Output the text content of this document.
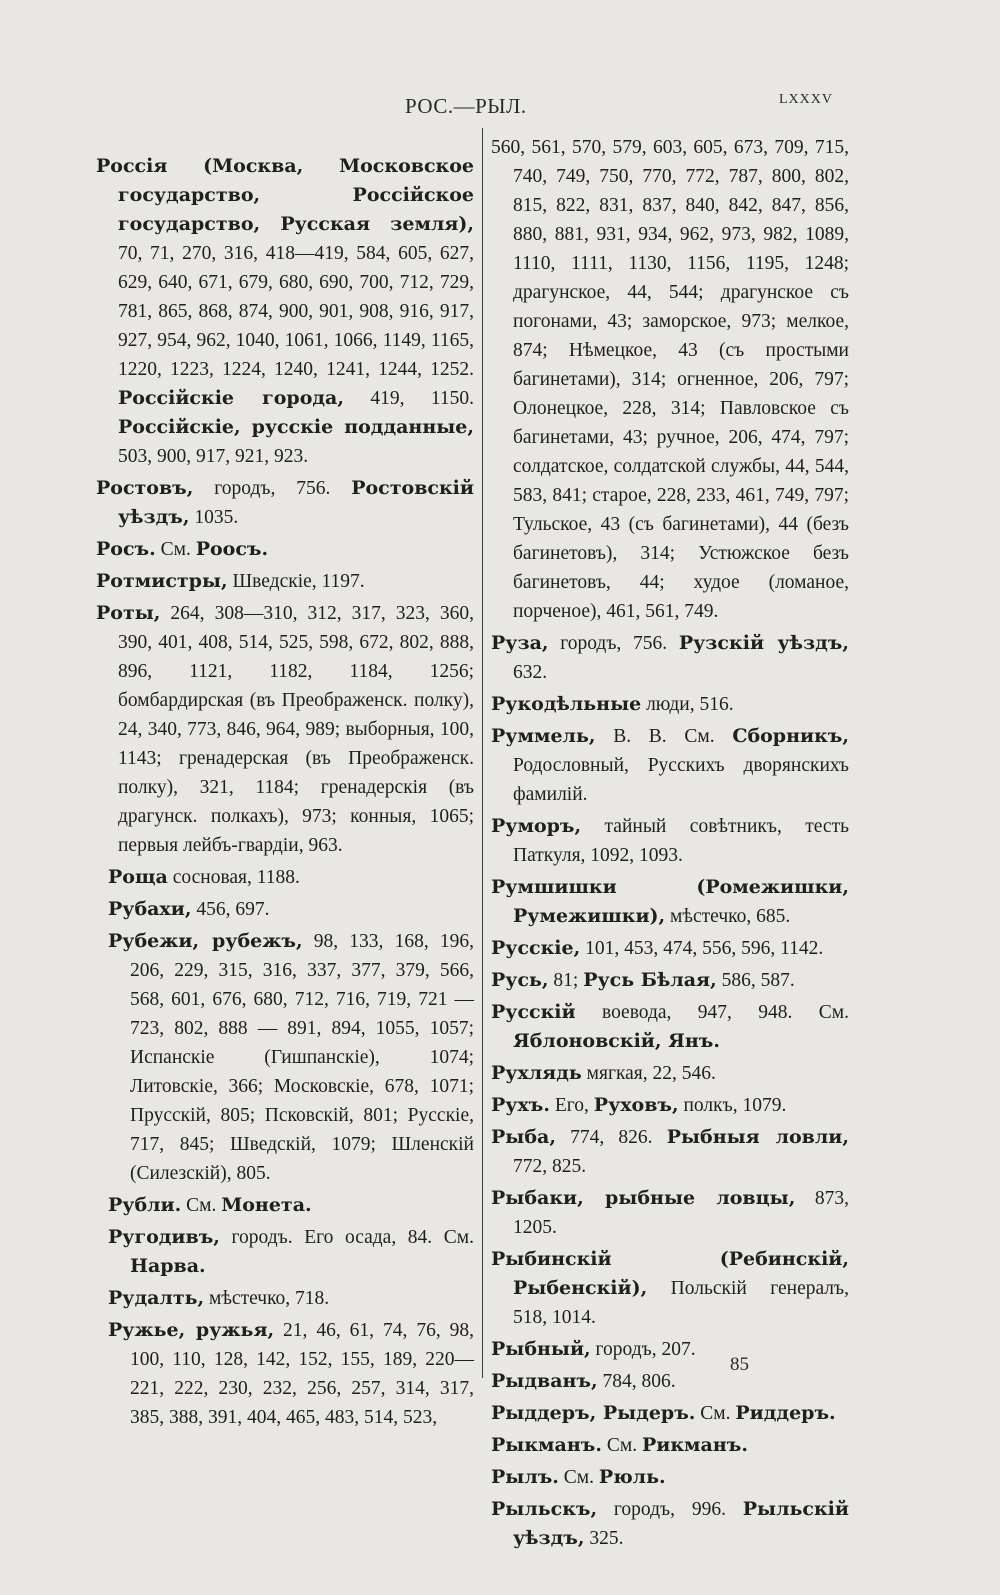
РОС.—РЫЛ.	LXXXV

Россія (Москва, Московское государство, Россійское государство, Русская земля), 70, 71, 270, 316, 418—419, 584, 605, 627, 629, 640, 671, 679, 680, 690, 700, 712, 729, 781, 865, 868, 874, 900, 901, 908, 916, 917, 927, 954, 962, 1040, 1061, 1066, 1149, 1165, 1220, 1223, 1224, 1240, 1241, 1244, 1252. Россійскіе города, 419, 1150. Россійскіе, русскіе подданные, 503, 900, 917, 921, 923.

Ростовъ, городъ, 756. Ростовскій уѣздъ, 1035.

Росъ. См. Роосъ.

Ротмистры, Шведскіе, 1197.

Роты, 264, 308—310, 312, 317, 323, 360, 390, 401, 408, 514, 525, 598, 672, 802, 888, 896, 1121, 1182, 1184, 1256; бомбардирская (въ Преображенск. полку), 24, 340, 773, 846, 964, 989; выборныя, 100, 1143; гренадерская (въ Преображенск. полку), 321, 1184; гренадерскія (въ драгунск. полкахъ), 973; конныя, 1065; первыя лейбъ-гвардіи, 963.

Роща сосновая, 1188.

Рубахи, 456, 697.

Рубежи, рубежъ, 98, 133, 168, 196, 206, 229, 315, 316, 337, 377, 379, 566, 568, 601, 676, 680, 712, 716, 719, 721 — 723, 802, 888 — 891, 894, 1055, 1057; Испанскіе (Гишпанскіе), 1074; Литовскіе, 366; Московскіе, 678, 1071; Прусскій, 805; Псковскій, 801; Русскіе, 717, 845; Шведскій, 1079; Шленскій (Силезскій), 805.

Рубли. См. Монета.

Ругодивъ, городъ. Его осада, 84. См. Нарва.

Рудалть, мѣстечко, 718.

Ружье, ружья, 21, 46, 61, 74, 76, 98, 100, 110, 128, 142, 152, 155, 189, 220—221, 222, 230, 232, 256, 257, 314, 317, 385, 388, 391, 404, 465, 483, 514, 523,

560, 561, 570, 579, 603, 605, 673, 709, 715, 740, 749, 750, 770, 772, 787, 800, 802, 815, 822, 831, 837, 840, 842, 847, 856, 880, 881, 931, 934, 962, 973, 982, 1089, 1110, 1111, 1130, 1156, 1195, 1248; драгунское, 44, 544; драгунское съ погонами, 43; заморское, 973; мелкое, 874; Нѣмецкое, 43 (съ простыми багинетами), 314; огненное, 206, 797; Олонецкое, 228, 314; Павловское съ багинетами, 43; ручное, 206, 474, 797; солдатское, солдатской службы, 44, 544, 583, 841; старое, 228, 233, 461, 749, 797; Тульское, 43 (съ багинетами), 44 (безъ багинетовъ), 314; Устюжское безъ багинетовъ, 44; худое (ломаное, порченое), 461, 561, 749.

Руза, городъ, 756. Рузскій уѣздъ, 632.

Рукодѣльные люди, 516.

Руммель, В. В. См. Сборникъ, Родословный, Русскихъ дворянскихъ фамилій.

Руморъ, тайный совѣтникъ, тесть Паткуля, 1092, 1093.

Румшишки (Ромежишки, Румежишки), мѣстечко, 685.

Русскіе, 101, 453, 474, 556, 596, 1142.

Русь, 81; Русь Бѣлая, 586, 587.

Русскій воевода, 947, 948. См. Яблоновскій, Янъ.

Рухлядь мягкая, 22, 546.

Рухъ. Его, Руховъ, полкъ, 1079.

Рыба, 774, 826. Рыбныя ловли, 772, 825.

Рыбаки, рыбные ловцы, 873, 1205.

Рыбинскій (Ребинскій, Рыбенскій), Польскій генералъ, 518, 1014.

Рыбный, городъ, 207.

Рыдванъ, 784, 806.

Рыддеръ, Рыдеръ. См. Риддеръ.

Рыкманъ. См. Рикманъ.

Рылъ. См. Рюль.

Рыльскъ, городъ, 996. Рыльскій уѣздъ, 325.

85
